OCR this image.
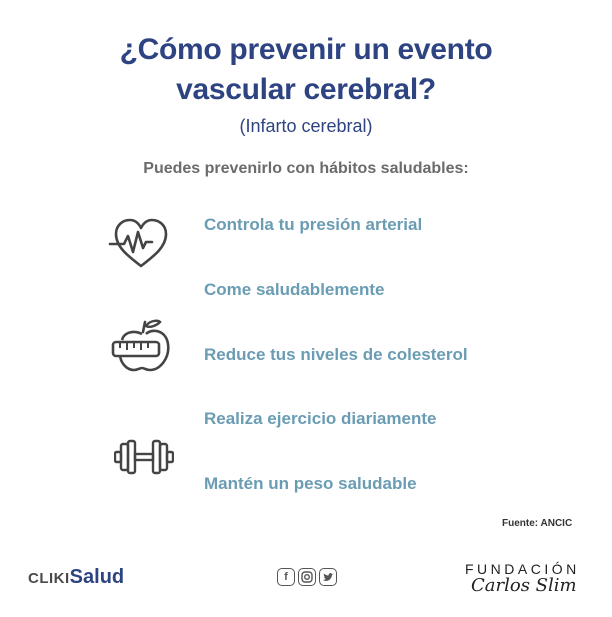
¿Cómo prevenir un evento
vascular cerebral?
(Infarto cerebral)
Puedes prevenirlo con hábitos saludables:
Controla tu presión arterial
Come saludablemente
Reduce tus niveles de colesterol
Realiza ejercicio diariamente
Mantén un peso saludable
Fuente: ANCIC
CLIKISalud	f	FUNDACIÓN
Carlos Slim
